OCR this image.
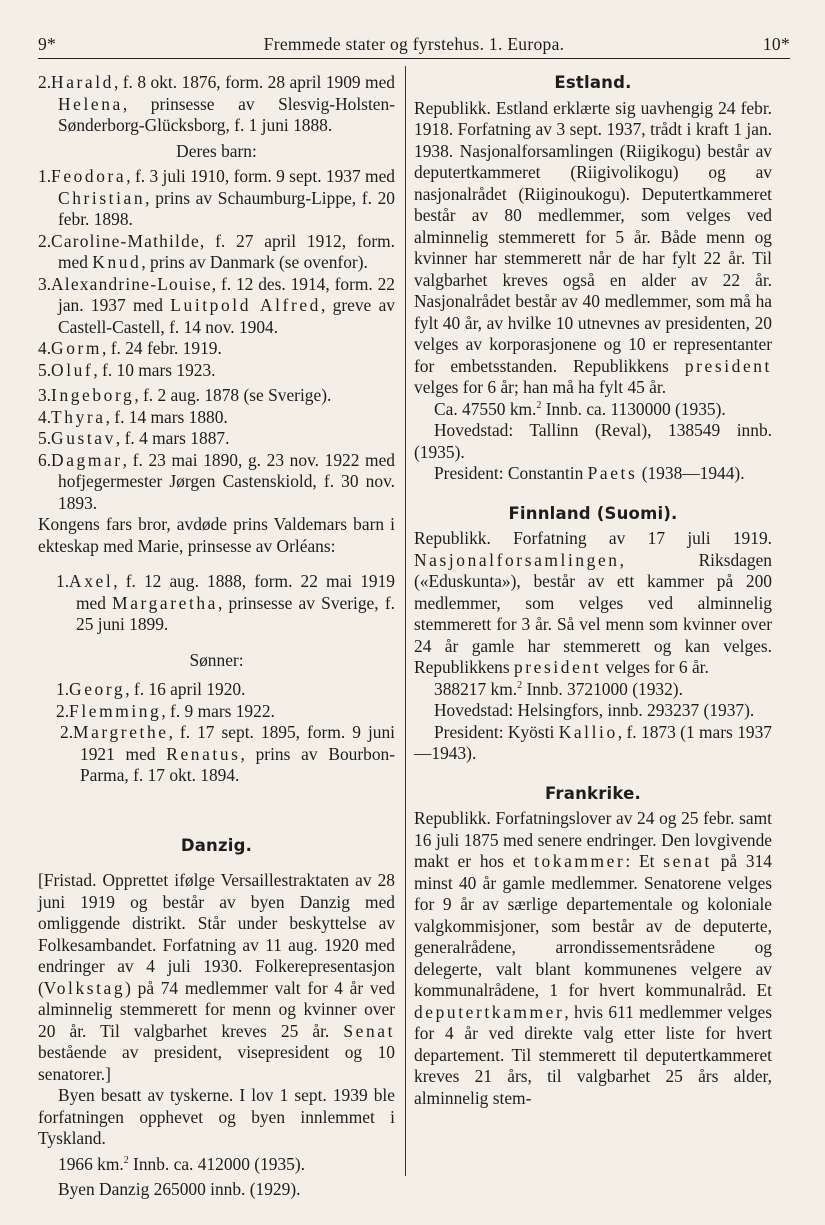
9*	Fremmede stater og fyrstehus. 1. Europa.	10*

2.Harald, f. 8 okt. 1876, form. 28 april 1909 med Helena, prinsesse av Slesvig-Holsten-Sønderborg-Glücksborg, f. 1 juni 1888.

Deres barn:

1.Feodora, f. 3 juli 1910, form. 9 sept. 1937 med Christian, prins av Schaumburg-Lippe, f. 20 febr. 1898.

2.Caroline-Mathilde, f. 27 april 1912, form. med Knud, prins av Danmark (se ovenfor).

3.Alexandrine-Louise, f. 12 des. 1914, form. 22 jan. 1937 med Luitpold Alfred, greve av Castell-Castell, f. 14 nov. 1904.

4.Gorm, f. 24 febr. 1919.

5.Oluf, f. 10 mars 1923.

3.Ingeborg, f. 2 aug. 1878 (se Sverige).

4.Thyra, f. 14 mars 1880.

5.Gustav, f. 4 mars 1887.

6.Dagmar, f. 23 mai 1890, g. 23 nov. 1922 med hofjegermester Jørgen Castenskiold, f. 30 nov. 1893.

Kongens fars bror, avdøde prins Valdemars barn i ekteskap med Marie, prinsesse av Orléans:

1.Axel, f. 12 aug. 1888, form. 22 mai 1919 med Margaretha, prinsesse av Sverige, f. 25 juni 1899.

Sønner:

1.Georg, f. 16 april 1920.

2.Flemming, f. 9 mars 1922.

2.Margrethe, f. 17 sept. 1895, form. 9 juni 1921 med Renatus, prins av Bourbon-Parma, f. 17 okt. 1894.

Danzig.

[Fristad. Opprettet ifølge Versaillestraktaten av 28 juni 1919 og består av byen Danzig med omliggende distrikt. Står under beskyttelse av Folkesambandet. Forfatning av 11 aug. 1920 med endringer av 4 juli 1930. Folkerepresentasjon (Volkstag) på 74 medlemmer valt for 4 år ved alminnelig stemmerett for menn og kvinner over 20 år. Til valgbarhet kreves 25 år. Senat bestående av president, visepresident og 10 senatorer.]

Byen besatt av tyskerne. I lov 1 sept. 1939 ble forfatningen opphevet og byen innlemmet i Tyskland.

1966 km.$^2$ Innb. ca. 412000 (1935).

Byen Danzig 265000 innb. (1929).

Estland.

Republikk. Estland erklærte sig uavhengig 24 febr. 1918. Forfatning av 3 sept. 1937, trådt i kraft 1 jan. 1938. Nasjonalforsamlingen (Riigikogu) består av deputertkammeret (Riigivolikogu) og av nasjonalrådet (Riiginoukogu). Deputertkammeret består av 80 medlemmer, som velges ved alminnelig stemmerett for 5 år. Både menn og kvinner har stemmerett når de har fylt 22 år. Til valgbarhet kreves også en alder av 22 år. Nasjonalrådet består av 40 medlemmer, som må ha fylt 40 år, av hvilke 10 utnevnes av presidenten, 20 velges av korporasjonene og 10 er representanter for embetsstanden. Republikkens president velges for 6 år; han må ha fylt 45 år.

Ca. 47550 km.$^2$ Innb. ca. 1130000 (1935).

Hovedstad: Tallinn (Reval), 138549 innb. (1935).

President: Constantin Paets (1938—1944).

Finnland (Suomi).

Republikk. Forfatning av 17 juli 1919. Nasjonalforsamlingen, Riksdagen («Eduskunta»), består av ett kammer på 200 medlemmer, som velges ved alminnelig stemmerett for 3 år. Så vel menn som kvinner over 24 år gamle har stemmerett og kan velges. Republikkens president velges for 6 år.

388217 km.$^2$ Innb. 3721000 (1932).

Hovedstad: Helsingfors, innb. 293237 (1937).

President: Kyösti Kallio, f. 1873 (1 mars 1937—1943).

Frankrike.

Republikk. Forfatningslover av 24 og 25 febr. samt 16 juli 1875 med senere endringer. Den lovgivende makt er hos et tokammer: Et senat på 314 minst 40 år gamle medlemmer. Senatorene velges for 9 år av særlige departementale og koloniale valgkommisjoner, som består av de deputerte, generalrådene, arrondissementsrådene og delegerte, valt blant kommunenes velgere av kommunalrådene, 1 for hvert kommunalråd. Et deputertkammer, hvis 611 medlemmer velges for 4 år ved direkte valg etter liste for hvert departement. Til stemmerett til deputertkammeret kreves 21 års, til valgbarhet 25 års alder, alminnelig stem-
